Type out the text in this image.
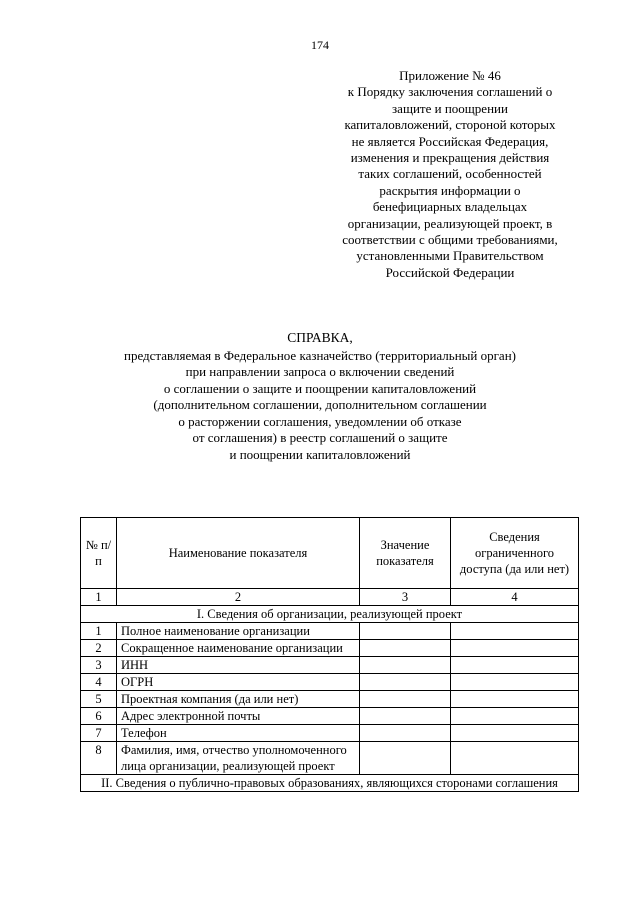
174
Приложение № 46
к Порядку заключения соглашений о
защите и поощрении
капиталовложений, стороной которых
не является Российская Федерация,
изменения и прекращения действия
таких соглашений, особенностей
раскрытия информации о
бенефициарных владельцах
организации, реализующей проект, в
соответствии с общими требованиями,
установленными Правительством
Российской Федерации
СПРАВКА,
представляемая в Федеральное казначейство (территориальный орган)
при направлении запроса о включении сведений
о соглашении о защите и поощрении капиталовложений
(дополнительном соглашении, дополнительном соглашении
о расторжении соглашения, уведомлении об отказе
от соглашения) в реестр соглашений о защите
и поощрении капиталовложений
№ п/п	Наименование показателя	Значение показателя	Сведения ограниченного доступа (да или нет)
1	2	3	4
I. Сведения об организации, реализующей проект			
1	Полное наименование организации		
2	Сокращенное наименование организации		
3	ИНН		
4	ОГРН		
5	Проектная компания (да или нет)		
6	Адрес электронной почты		
7	Телефон		
8	Фамилия, имя, отчество уполномоченного лица организации, реализующей проект		
II. Сведения о публично-правовых образованиях, являющихся сторонами соглашения			
